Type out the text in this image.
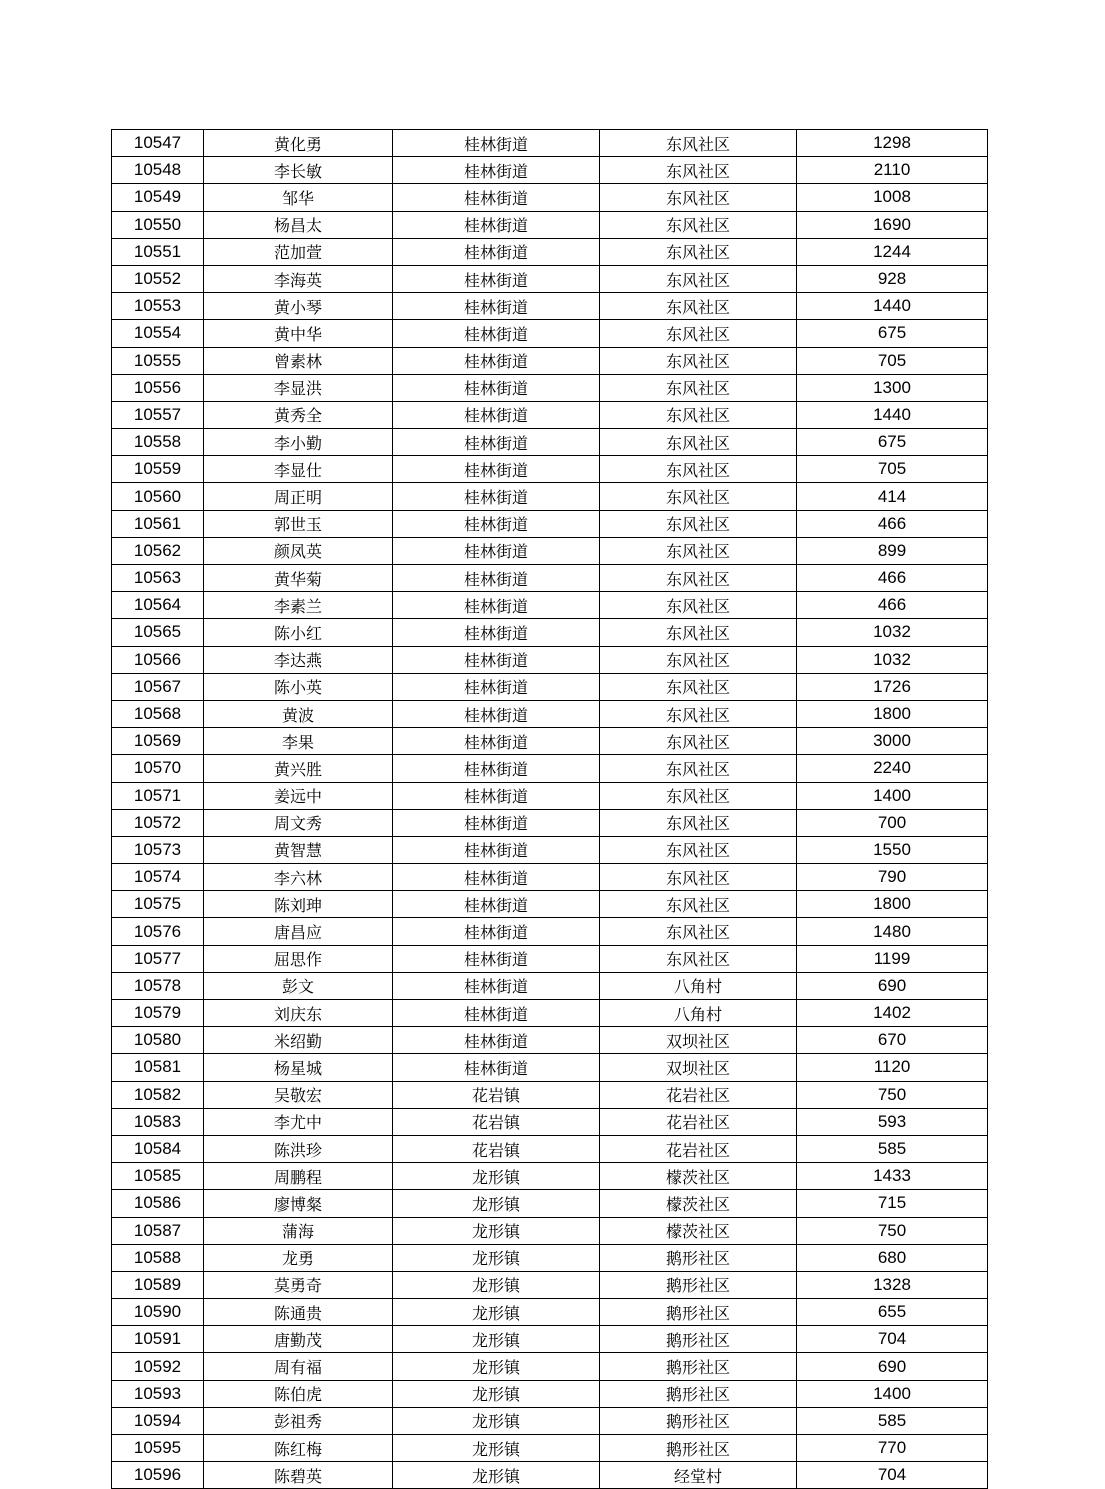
10547	黄化勇	桂林街道	东风社区	1298
10548	李长敏	桂林街道	东风社区	2110
10549	邹华	桂林街道	东风社区	1008
10550	杨昌太	桂林街道	东风社区	1690
10551	范加萱	桂林街道	东风社区	1244
10552	李海英	桂林街道	东风社区	928
10553	黄小琴	桂林街道	东风社区	1440
10554	黄中华	桂林街道	东风社区	675
10555	曾素林	桂林街道	东风社区	705
10556	李显洪	桂林街道	东风社区	1300
10557	黄秀全	桂林街道	东风社区	1440
10558	李小勤	桂林街道	东风社区	675
10559	李显仕	桂林街道	东风社区	705
10560	周正明	桂林街道	东风社区	414
10561	郭世玉	桂林街道	东风社区	466
10562	颜凤英	桂林街道	东风社区	899
10563	黄华菊	桂林街道	东风社区	466
10564	李素兰	桂林街道	东风社区	466
10565	陈小红	桂林街道	东风社区	1032
10566	李达燕	桂林街道	东风社区	1032
10567	陈小英	桂林街道	东风社区	1726
10568	黄波	桂林街道	东风社区	1800
10569	李果	桂林街道	东风社区	3000
10570	黄兴胜	桂林街道	东风社区	2240
10571	姜远中	桂林街道	东风社区	1400
10572	周文秀	桂林街道	东风社区	700
10573	黄智慧	桂林街道	东风社区	1550
10574	李六林	桂林街道	东风社区	790
10575	陈刘珅	桂林街道	东风社区	1800
10576	唐昌应	桂林街道	东风社区	1480
10577	屈思作	桂林街道	东风社区	1199
10578	彭文	桂林街道	八角村	690
10579	刘庆东	桂林街道	八角村	1402
10580	米绍勤	桂林街道	双坝社区	670
10581	杨星城	桂林街道	双坝社区	1120
10582	吴敬宏	花岩镇	花岩社区	750
10583	李尤中	花岩镇	花岩社区	593
10584	陈洪珍	花岩镇	花岩社区	585
10585	周鹏程	龙形镇	檬茨社区	1433
10586	廖博粲	龙形镇	檬茨社区	715
10587	蒲海	龙形镇	檬茨社区	750
10588	龙勇	龙形镇	鹅形社区	680
10589	莫勇奇	龙形镇	鹅形社区	1328
10590	陈通贵	龙形镇	鹅形社区	655
10591	唐勤茂	龙形镇	鹅形社区	704
10592	周有福	龙形镇	鹅形社区	690
10593	陈伯虎	龙形镇	鹅形社区	1400
10594	彭祖秀	龙形镇	鹅形社区	585
10595	陈红梅	龙形镇	鹅形社区	770
10596	陈碧英	龙形镇	经堂村	704
